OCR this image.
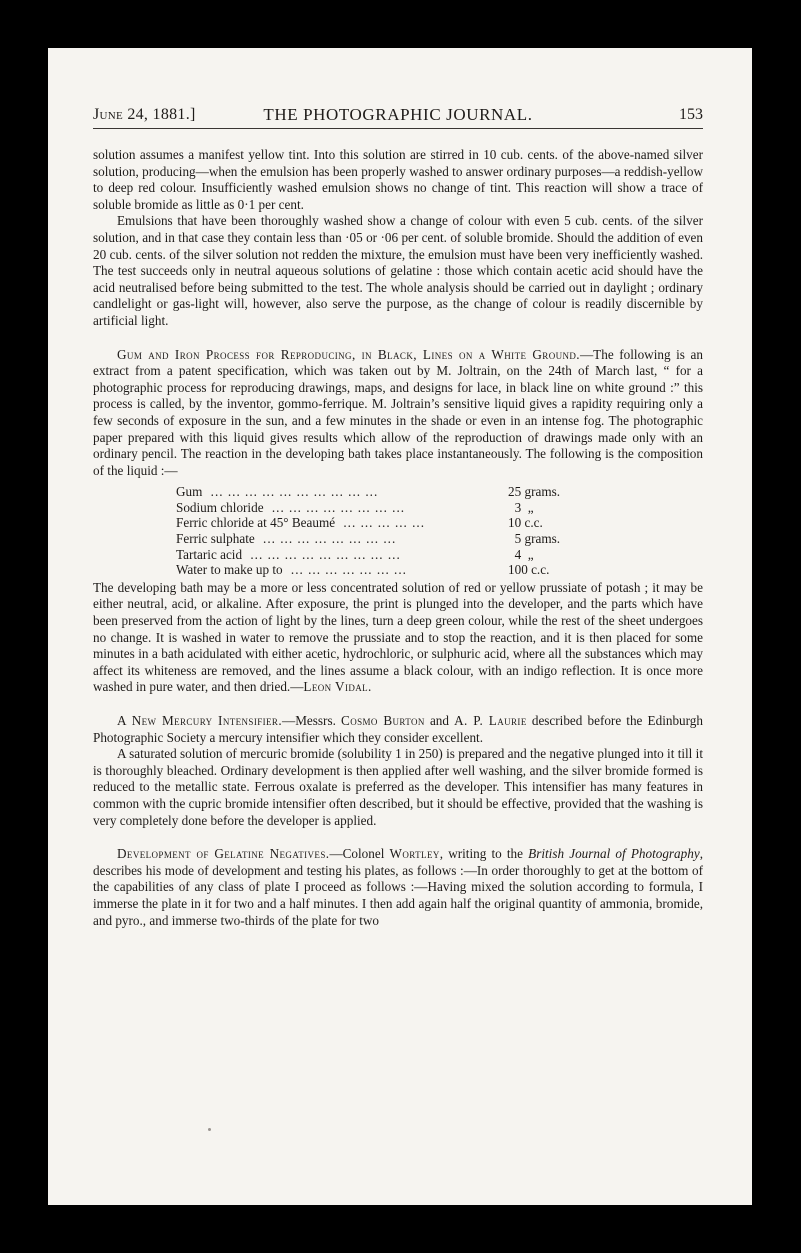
June 24, 1881.]	THE PHOTOGRAPHIC JOURNAL.	153

solution assumes a manifest yellow tint. Into this solution are stirred in 10 cub. cents. of the above-named silver solution, producing—when the emulsion has been properly washed to answer ordinary purposes—a reddish-yellow to deep red colour. Insufficiently washed emulsion shows no change of tint. This reaction will show a trace of soluble bromide as little as 0·1 per cent.

Emulsions that have been thoroughly washed show a change of colour with even 5 cub. cents. of the silver solution, and in that case they contain less than ·05 or ·06 per cent. of soluble bromide. Should the addition of even 20 cub. cents. of the silver solution not redden the mixture, the emulsion must have been very inefficiently washed. The test succeeds only in neutral aqueous solutions of gelatine : those which contain acetic acid should have the acid neutralised before being submitted to the test. The whole analysis should be carried out in daylight ; ordinary candlelight or gas-light will, however, also serve the purpose, as the change of colour is readily discernible by artificial light.

Gum and Iron Process for Reproducing, in Black, Lines on a White Ground.—The following is an extract from a patent specification, which was taken out by M. Joltrain, on the 24th of March last, “ for a photographic process for reproducing drawings, maps, and designs for lace, in black line on white ground :” this process is called, by the inventor, gommo-ferrique. M. Joltrain’s sensitive liquid gives a rapidity requiring only a few seconds of exposure in the sun, and a few minutes in the shade or even in an intense fog. The photographic paper prepared with this liquid gives results which allow of the reproduction of drawings made only with an ordinary pencil. The reaction in the developing bath takes place instantaneously. The following is the composition of the liquid :—

Gum ... ... ... ... ... ... ... ... ... ...	25 grams.
Sodium chloride ... ... ... ... ... ... ... ...	3 „
Ferric chloride at 45° Beaumé ... ... ... ... ...	10 c.c.
Ferric sulphate ... ... ... ... ... ... ... ...	5 grams.
Tartaric acid ... ... ... ... ... ... ... ... ...	4 „
Water to make up to ... ... ... ... ... ... ...	100 c.c.

The developing bath may be a more or less concentrated solution of red or yellow prussiate of potash ; it may be either neutral, acid, or alkaline. After exposure, the print is plunged into the developer, and the parts which have been preserved from the action of light by the lines, turn a deep green colour, while the rest of the sheet undergoes no change. It is washed in water to remove the prussiate and to stop the reaction, and it is then placed for some minutes in a bath acidulated with either acetic, hydrochloric, or sulphuric acid, where all the substances which may affect its whiteness are removed, and the lines assume a black colour, with an indigo reflection. It is once more washed in pure water, and then dried.—Leon Vidal.

A New Mercury Intensifier.—Messrs. Cosmo Burton and A. P. Laurie described before the Edinburgh Photographic Society a mercury intensifier which they consider excellent.

A saturated solution of mercuric bromide (solubility 1 in 250) is prepared and the negative plunged into it till it is thoroughly bleached. Ordinary development is then applied after well washing, and the silver bromide formed is reduced to the metallic state. Ferrous oxalate is preferred as the developer. This intensifier has many features in common with the cupric bromide intensifier often described, but it should be effective, provided that the washing is very completely done before the developer is applied.

Development of Gelatine Negatives.—Colonel Wortley, writing to the British Journal of Photography, describes his mode of development and testing his plates, as follows :—In order thoroughly to get at the bottom of the capabilities of any class of plate I proceed as follows :—Having mixed the solution according to formula, I immerse the plate in it for two and a half minutes. I then add again half the original quantity of ammonia, bromide, and pyro., and immerse two-thirds of the plate for two
